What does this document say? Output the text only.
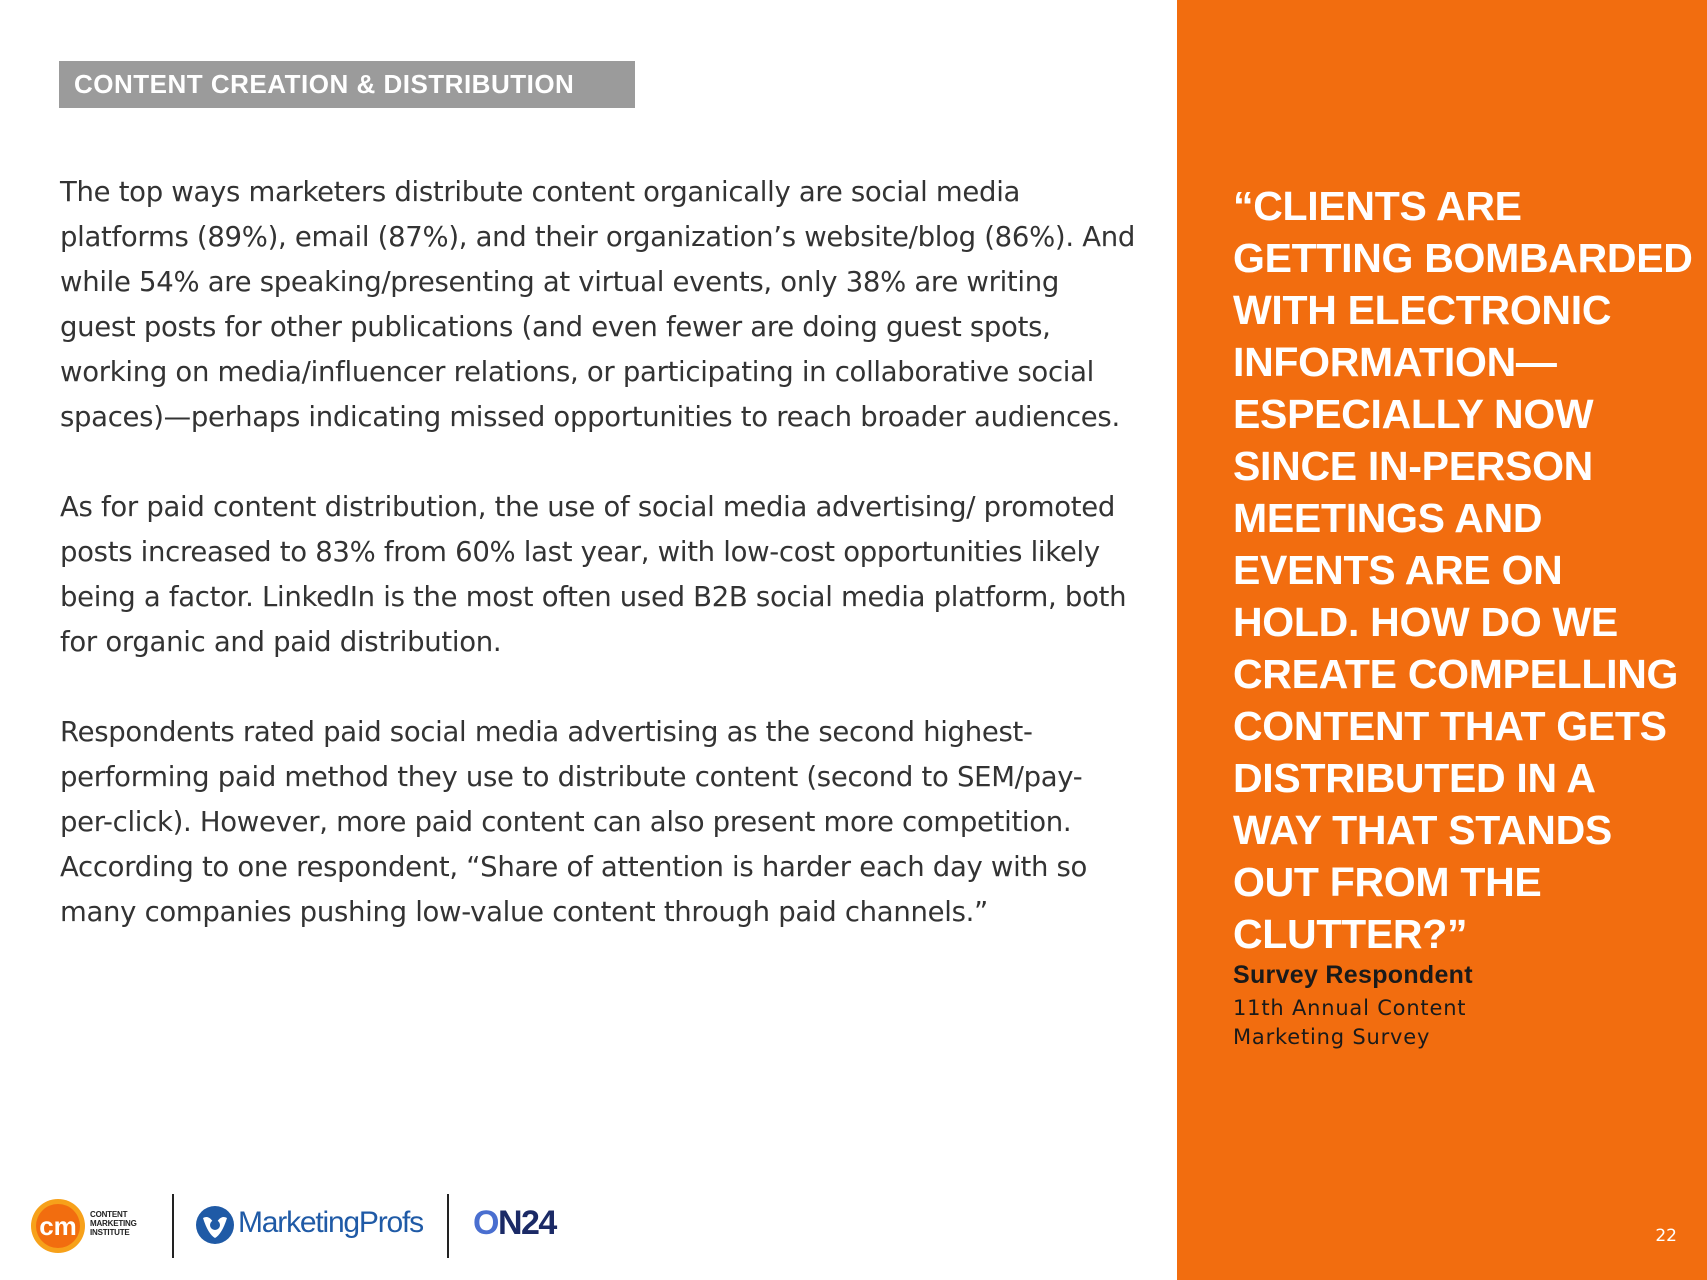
CONTENT CREATION & DISTRIBUTION

The top ways marketers distribute content organically are social media platforms (89%), email (87%), and their organization’s website/blog (86%). And while 54% are speaking/presenting at virtual events, only 38% are writing guest posts for other publications (and even fewer are doing guest spots, working on media/influencer relations, or participating in collaborative social spaces)—perhaps indicating missed opportunities to reach broader audiences.

As for paid content distribution, the use of social media advertising/ promoted posts increased to 83% from 60% last year, with low-cost opportunities likely being a factor. LinkedIn is the most often used B2B social media platform, both for organic and paid distribution.

Respondents rated paid social media advertising as the second highest-performing paid method they use to distribute content (second to SEM/pay-per-click). However, more paid content can also present more competition. According to one respondent, “Share of attention is harder each day with so many companies pushing low-value content through paid channels.”

cm CONTENT MARKETING INSTITUTE	MarketingProfs ON24
“CLIENTS ARE GETTING BOMBARDED WITH ELECTRONIC INFORMATION—ESPECIALLY NOW SINCE IN-PERSON MEETINGS AND EVENTS ARE ON HOLD. HOW DO WE CREATE COMPELLING CONTENT THAT GETS DISTRIBUTED IN A WAY THAT STANDS OUT FROM THE CLUTTER?”
Survey Respondent
11th Annual Content Marketing Survey
22
